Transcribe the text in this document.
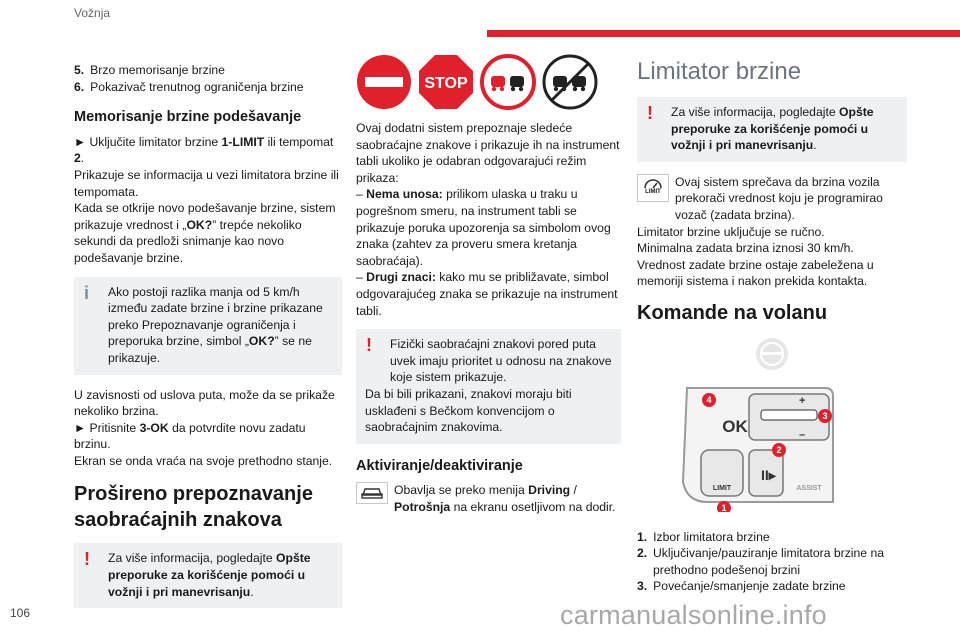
Vožnja
5. Brzo memorisanje brzine
6. Pokazivač trenutnog ograničenja brzine
Memorisanje brzine podešavanje

► Uključite limitator brzine 1-LIMIT ili tempomat 2.

Prikazuje se informacija u vezi limitatora brzine ili tempomata.

Kada se otkrije novo podešavanje brzine, sistem prikazuje vrednost i „OK?” trepće nekoliko sekundi da predloži snimanje kao novo podešavanje brzine.

i	Ako postoji razlika manja od 5 km/h između zadate brzine i brzine prikazane preko Prepoznavanje ograničenja i preporuka brzine, simbol „OK?” se ne prikazuje.

U zavisnosti od uslova puta, može da se prikaže nekoliko brzina.

► Pritisnite 3-OK da potvrdite novu zadatu brzinu.

Ekran se onda vraća na svoje prethodno stanje.

Prošireno prepoznavanje saobraćajnih znakova
!	Za više informacija, pogledajte Opšte preporuke za korišćenje pomoći u vožnji i pri manevrisanju.

STOP

Ovaj dodatni sistem prepoznaje sledeće saobraćajne znakove i prikazuje ih na instrument tabli ukoliko je odabran odgovarajući režim prikaza:

– Nema unosa: prilikom ulaska u traku u pogrešnom smeru, na instrument tabli se prikazuje poruka upozorenja sa simbolom ovog znaka (zahtev za proveru smera kretanja saobraćaja).

– Drugi znaci: kako mu se približavate, simbol odgovarajućeg znaka se prikazuje na instrument tabli.

!	Fizički saobraćajni znakovi pored puta uvek imaju prioritet u odnosu na znakove koje sistem prikazuje.

Da bi bili prikazani, znakovi moraju biti usklađeni s Bečkom konvencijom o saobraćajnim znakovima.

Aktiviranje/deaktiviranje

Obavlja se preko menija Driving / Potrošnja na ekranu osetljivom na dodir.

Limitator brzine
!	Za više informacija, pogledajte Opšte preporuke za korišćenje pomoći u vožnji i pri manevrisanju.

LIMIT

Ovaj sistem sprečava da brzina vozila prekorači vrednost koju je programirao vozač (zadata brzina).

Limitator brzine uključuje se ručno.

Minimalna zadata brzina iznosi 30 km/h.

Vrednost zadate brzine ostaje zabeležena u memoriji sistema i nakon prekida kontakta.

Komande na volanu
OK
+
–
LIMIT
II▸
ASSIST
1
2
3
4
1. Izbor limitatora brzine
2. Uključivanje/pauziranje limitatora brzine na prethodno podešenoj brzini
3. Povećanje/smanjenje zadate brzine
106	carmanualsonline.info
